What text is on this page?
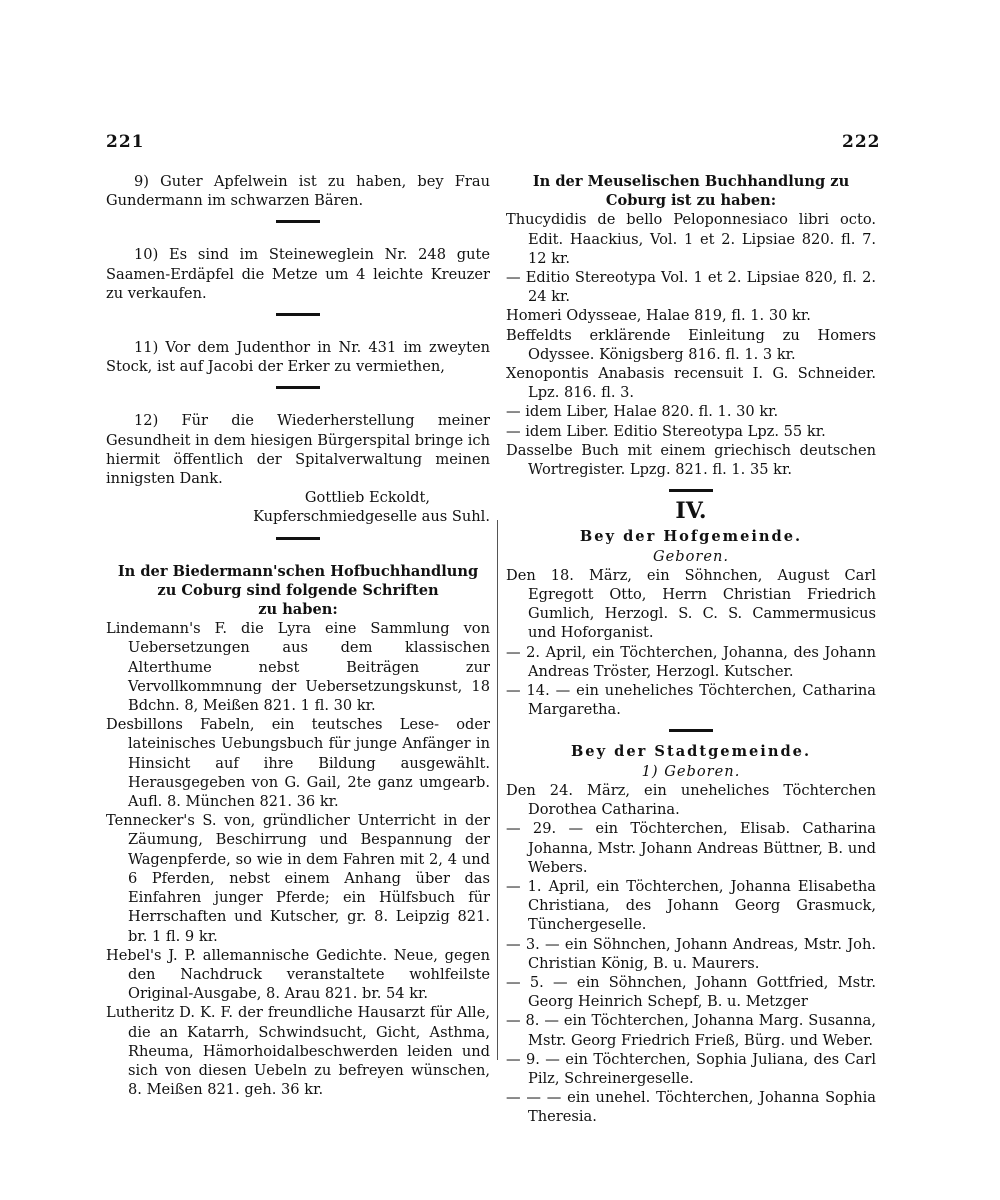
221	222

9) Guter Apfelwein ist zu haben, bey Frau Gundermann im schwarzen Bären.

10) Es sind im Steineweglein Nr. 248 gute Saamen-Erdäpfel die Metze um 4 leichte Kreuzer zu verkaufen.

11) Vor dem Judenthor in Nr. 431 im zweyten Stock, ist auf Jacobi der Erker zu vermiethen,

12) Für die Wiederherstellung meiner Gesundheit in dem hiesigen Bürgerspital bringe ich hiermit öffentlich der Spitalverwaltung meinen innigsten Dank.

Gottlieb Eckoldt,

Kupferschmiedgeselle aus Suhl.

In der Biedermann'schen Hofbuchhandlung

zu Coburg sind folgende Schriften

zu haben:

Lindemann's F. die Lyra eine Sammlung von Uebersetzungen aus dem klassischen Alterthume nebst Beiträgen zur Vervollkommnung der Uebersetzungskunst, 18 Bdchn. 8, Meißen 821. 1 fl. 30 kr.

Desbillons Fabeln, ein teutsches Lese- oder lateinisches Uebungsbuch für junge Anfänger in Hinsicht auf ihre Bildung ausgewählt. Herausgegeben von G. Gail, 2te ganz umgearb. Aufl. 8. München 821. 36 kr.

Tennecker's S. von, gründlicher Unterricht in der Zäumung, Beschirrung und Bespannung der Wagenpferde, so wie in dem Fahren mit 2, 4 und 6 Pferden, nebst einem Anhang über das Einfahren junger Pferde; ein Hülfsbuch für Herrschaften und Kutscher, gr. 8. Leipzig 821. br. 1 fl. 9 kr.

Hebel's J. P. allemannische Gedichte. Neue, gegen den Nachdruck veranstaltete wohlfeilste Original-Ausgabe, 8. Arau 821. br. 54 kr.

Lutheritz D. K. F. der freundliche Hausarzt für Alle, die an Katarrh, Schwindsucht, Gicht, Asthma, Rheuma, Hämorhoidalbeschwerden leiden und sich von diesen Uebeln zu befreyen wünschen, 8. Meißen 821. geh. 36 kr.

In der Meuselischen Buchhandlung zu

Coburg ist zu haben:

Thucydidis de bello Peloponnesiaco libri octo. Edit. Haackius, Vol. 1 et 2. Lipsiae 820. fl. 7. 12 kr.

— Editio Stereotypa Vol. 1 et 2. Lipsiae 820, fl. 2. 24 kr.

Homeri Odysseae, Halae 819, fl. 1. 30 kr.

Beffeldts erklärende Einleitung zu Homers Odyssee. Königsberg 816. fl. 1. 3 kr.

Xenopontis Anabasis recensuit I. G. Schneider. Lpz. 816. fl. 3.

— idem Liber, Halae 820. fl. 1. 30 kr.

— idem Liber. Editio Stereotypa Lpz. 55 kr.

Dasselbe Buch mit einem griechisch deutschen Wortregister. Lpzg. 821. fl. 1. 35 kr.

IV.

Bey der Hofgemeinde.

Geboren.

Den 18. März, ein Söhnchen, August Carl Egregott Otto, Herrn Christian Friedrich Gumlich, Herzogl. S. C. S. Cammermusicus und Hoforganist.

— 2. April, ein Töchterchen, Johanna, des Johann Andreas Tröster, Herzogl. Kutscher.

— 14. — ein uneheliches Töchterchen, Catharina Margaretha.

Bey der Stadtgemeinde.

1) Geboren.

Den 24. März, ein uneheliches Töchterchen Dorothea Catharina.

— 29. — ein Töchterchen, Elisab. Catharina Johanna, Mstr. Johann Andreas Büttner, B. und Webers.

— 1. April, ein Töchterchen, Johanna Elisabetha Christiana, des Johann Georg Grasmuck, Tünchergeselle.

— 3. — ein Söhnchen, Johann Andreas, Mstr. Joh. Christian König, B. u. Maurers.

— 5. — ein Söhnchen, Johann Gottfried, Mstr. Georg Heinrich Schepf, B. u. Metzger

— 8. — ein Töchterchen, Johanna Marg. Susanna, Mstr. Georg Friedrich Frieß, Bürg. und Weber.

— 9. — ein Töchterchen, Sophia Juliana, des Carl Pilz, Schreinergeselle.

— — — ein unehel. Töchterchen, Johanna Sophia Theresia.
